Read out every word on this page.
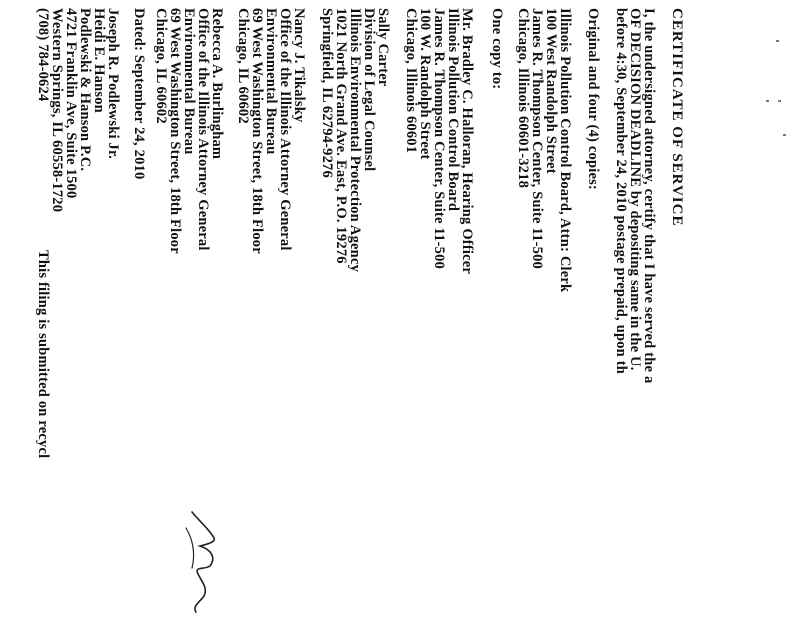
CERTIFICATE OF SERVICE
I, the undersigned attorney, certify that I have served the a
OF DECISION DEADLINE by depositing same in the U.
before 4:30, September 24, 2010 postage prepaid, upon th
Original and four (4) copies:
Illinois Pollution Control Board, Attn: Clerk
100 West Randolph Street
James R. Thompson Center, Suite 11-500
Chicago, Illinois 60601-3218
One copy to:
Mr. Bradley C. Halloran, Hearing Officer
Illinois Pollution Control Board
James R. Thompson Center, Suite 11-500
100 W. Randolph Street
Chicago, Illinois 60601
Sally Carter
Division of Legal Counsel
Illinois Environmental Protection Agency
1021 North Grand Ave. East, P.O. 19276
Springfield, IL 62794-9276
Nancy J. Tikalsky
Office of the Illinois Attorney General
Environmental Bureau
69 West Washington Street, 18th Floor
Chicago, IL 60602
Rebecca A. Burlingham
Office of the Illinois Attorney General
Environmental Bureau
69 West Washington Street, 18th Floor
Chicago, IL 60602
Dated: September 24, 2010
Joseph R. Podlewski Jr.
Heidi E. Hanson
Podlewski & Hanson P.C.
4721 Franklin Ave, Suite 1500
Western Springs, IL 60558-1720
(708) 784-0624
This filing is submitted on recycl
